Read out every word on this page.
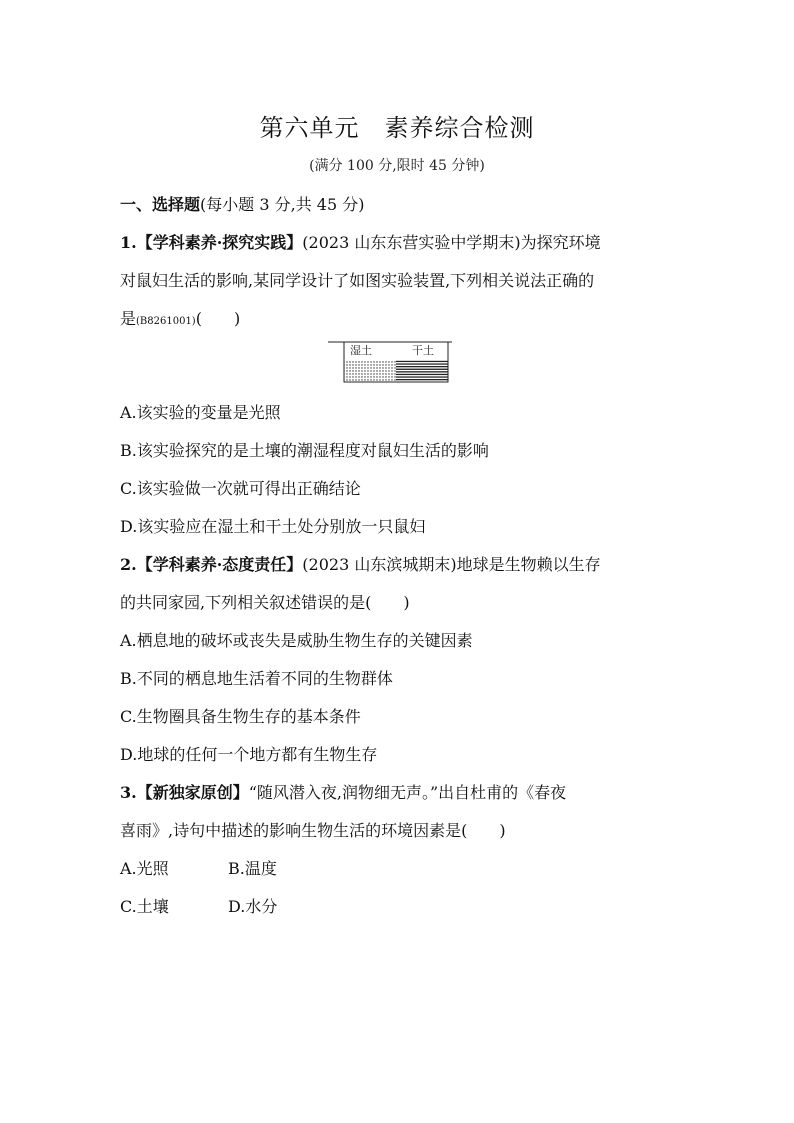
第六单元　素养综合检测
(满分 100 分,限时 45 分钟)
一、选择题(每小题 3 分,共 45 分)
1.【学科素养·探究实践】(2023 山东东营实验中学期末)为探究环境
对鼠妇生活的影响,某同学设计了如图实验装置,下列相关说法正确的
是(B8261001)(　　)
湿土	干土
A.该实验的变量是光照
B.该实验探究的是土壤的潮湿程度对鼠妇生活的影响
C.该实验做一次就可得出正确结论
D.该实验应在湿土和干土处分别放一只鼠妇
2.【学科素养·态度责任】(2023 山东滨城期末)地球是生物赖以生存
的共同家园,下列相关叙述错误的是(　　)
A.栖息地的破坏或丧失是威胁生物生存的关键因素
B.不同的栖息地生活着不同的生物群体
C.生物圈具备生物生存的基本条件
D.地球的任何一个地方都有生物生存
3.【新独家原创】“随风潜入夜,润物细无声。”出自杜甫的《春夜
喜雨》,诗句中描述的影响生物生活的环境因素是(　　)
A.光照	B.温度
C.土壤	D.水分
